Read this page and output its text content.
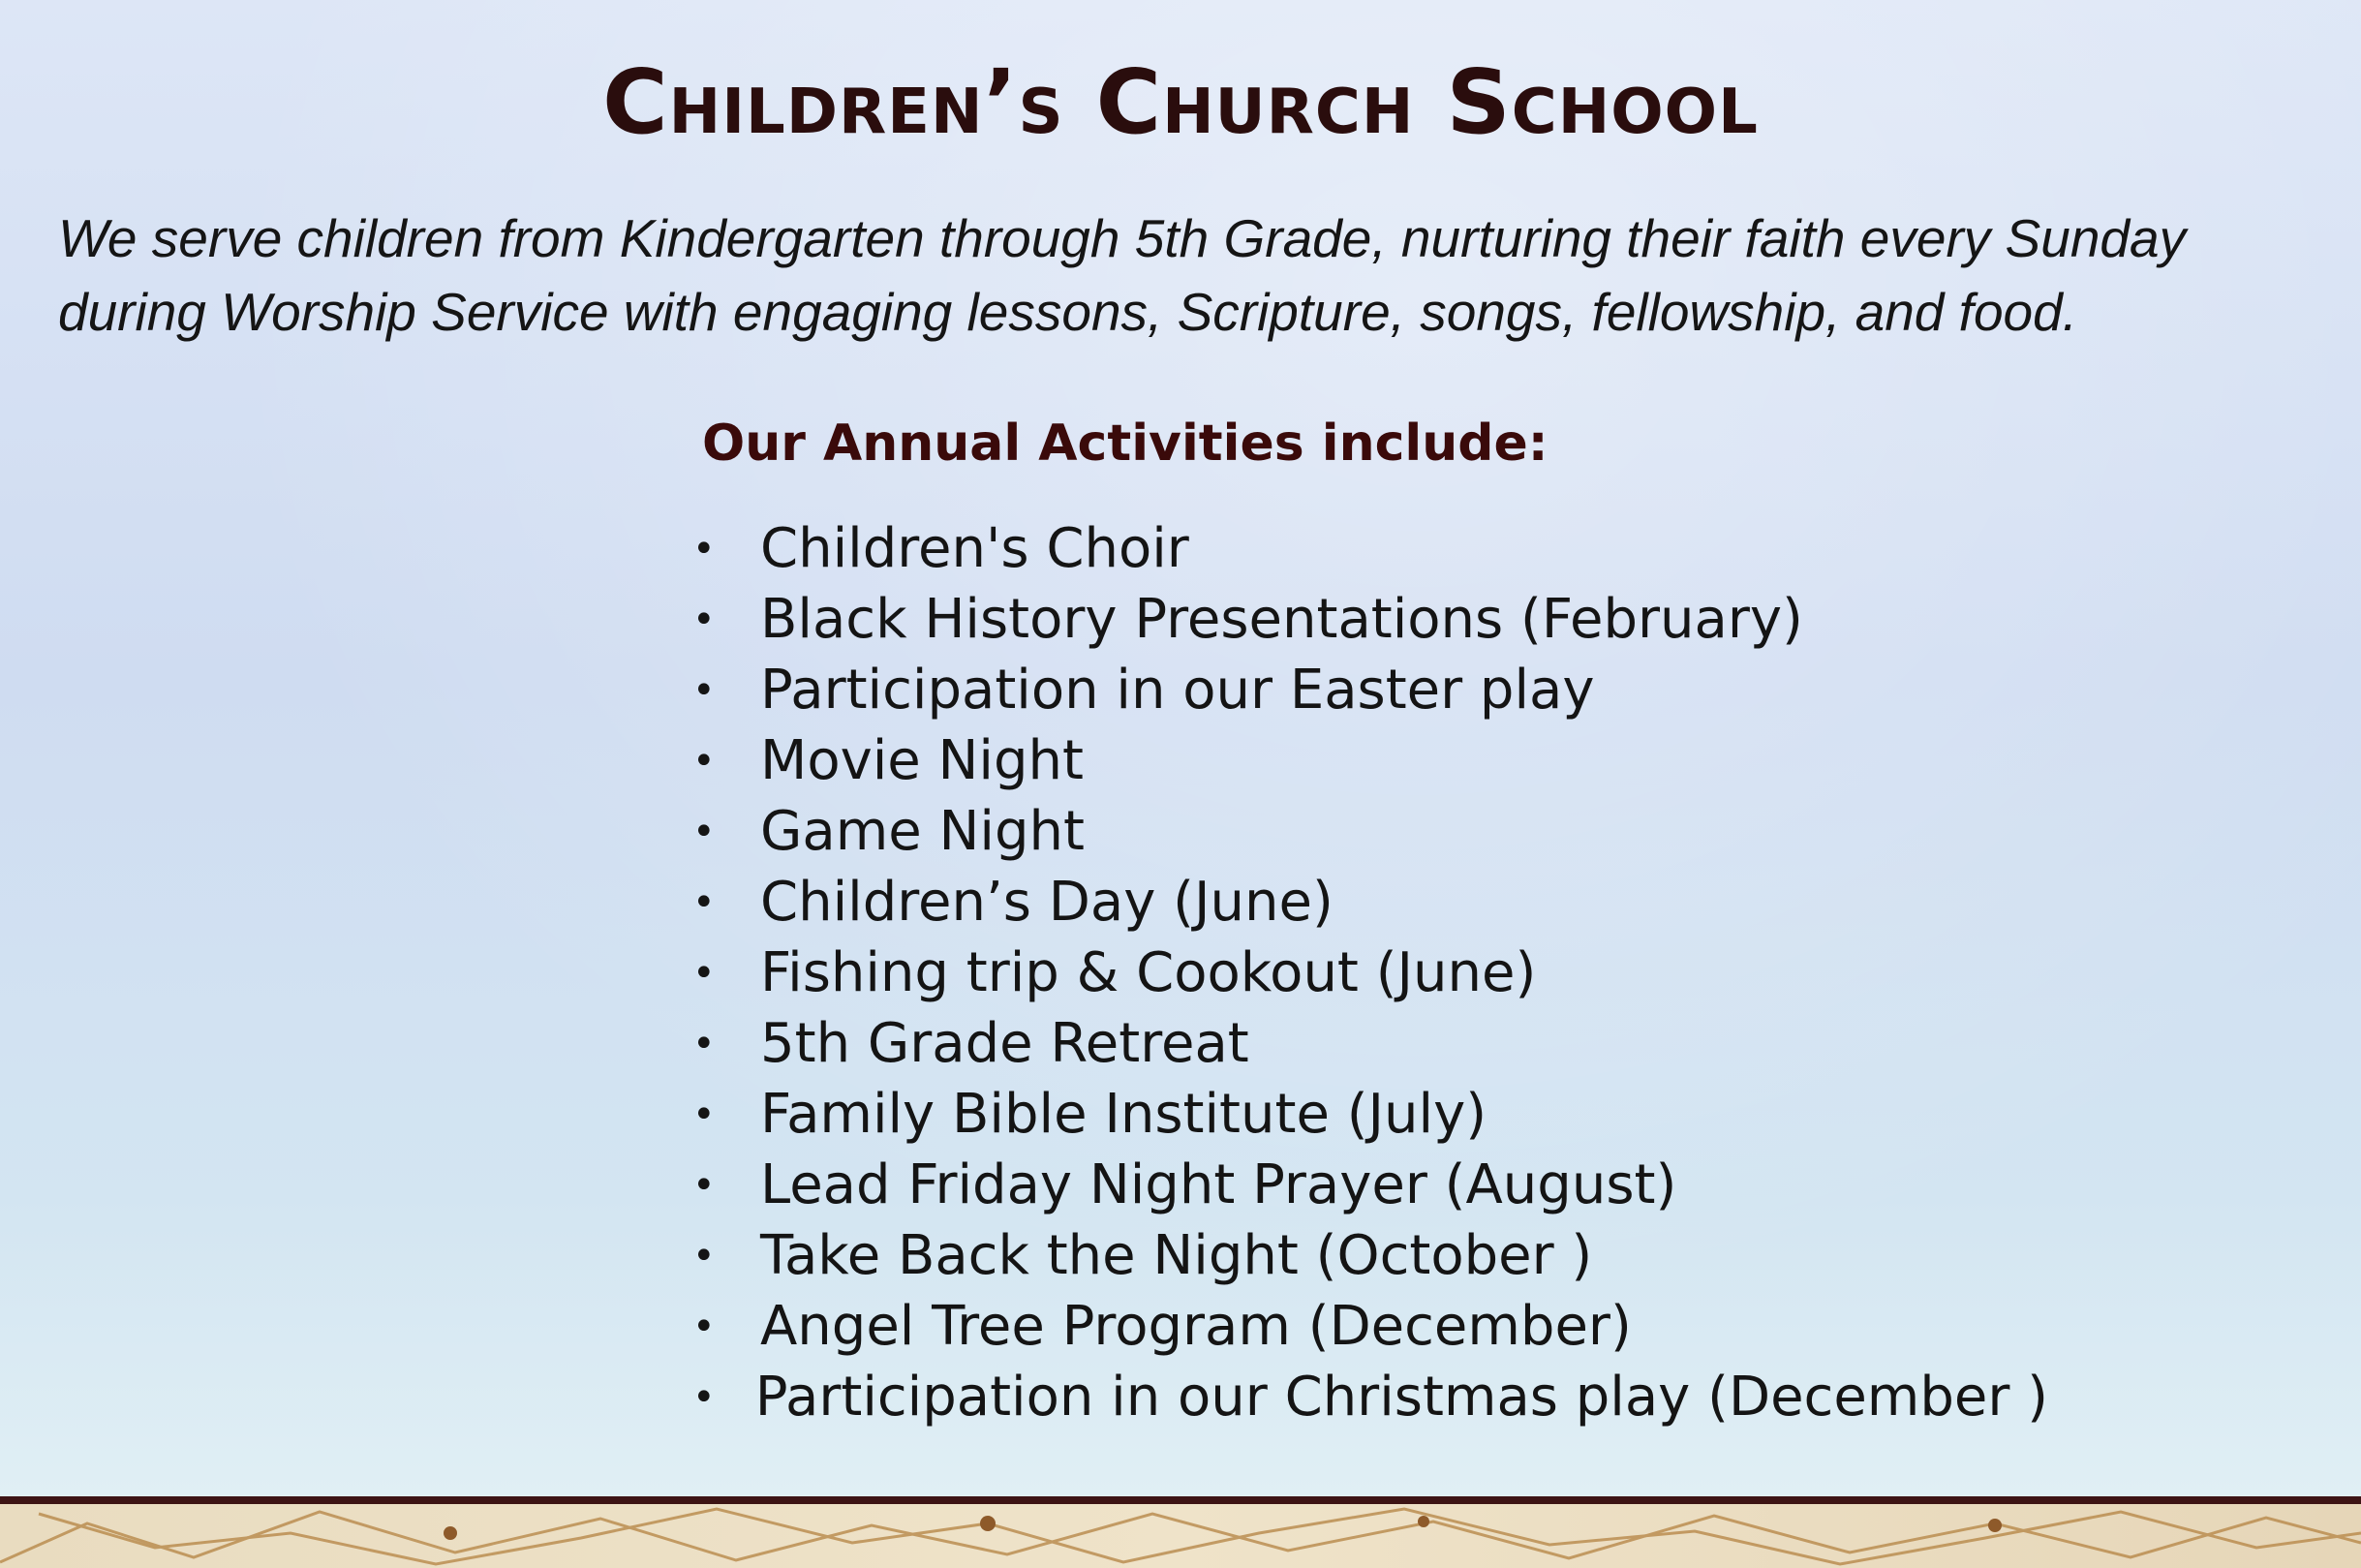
Children’s Church School
We serve children from Kindergarten through 5th Grade, nurturing their faith every Sunday
during Worship Service with engaging lessons, Scripture, songs, fellowship, and food.
Our Annual Activities include:
• Children's Choir
• Black History Presentations (February)
• Participation in our Easter play
• Movie Night
• Game Night
• Children’s Day (June)
• Fishing trip & Cookout (June)
• 5th Grade Retreat
• Family Bible Institute (July)
• Lead Friday Night Prayer (August)
• Take Back the Night (October )
• Angel Tree Program (December)
• Participation in our Christmas play (December )
